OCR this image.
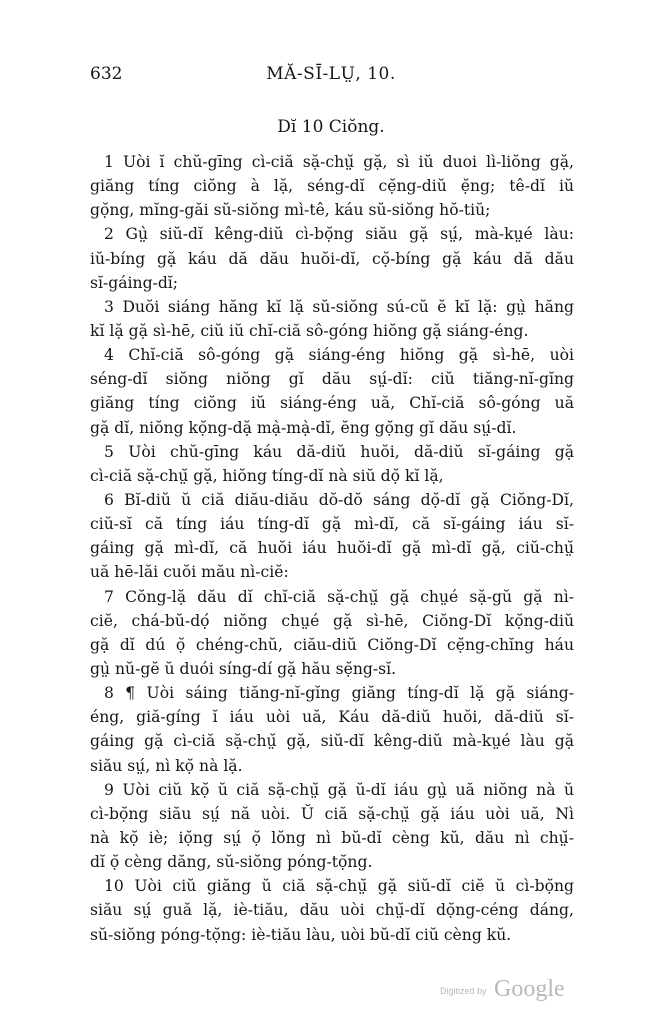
632	MĂ-SĪ-LṲ, 10.
Dĭ 10 Ciŏng.
1 Uòi ĭ chŭ-gīng cì-ciă sặ-chṳ̆ gặ, sì iŭ duoi lì-liŏng gặ,
giăng tíng ciŏng à lặ, séng-dĭ cẹ̆ng-diŭ ẹ̆ng; tê-dĭ iŭ
gọ̆ng, mĭng-găi sŭ-siŏng mì-tê, káu sŭ-siŏng hŏ-tiŭ;
2 Gṳ̀ siŭ-dĭ kêng-diŭ cì-bọ̆ng siău gặ sṳ́, mà-kṳé làu:
iŭ-bíng gặ káu dă dău huŏi-dĭ, cọ̆-bíng gặ káu dă dău
sĭ-gáing-dĭ;
3 Duŏi siáng hăng kĭ lặ sŭ-siŏng sú-cŭ ĕ kĭ lặ: gṳ̀ hăng
kĭ lặ gặ sì-hē, ciŭ iŭ chĭ-ciă sô-góng hiŏng gặ siáng-éng.
4 Chĭ-ciă sô-góng gặ siáng-éng hiŏng gặ sì-hē, uòi
séng-dĭ siŏng niŏng gĭ dău sṳ́-dĭ: ciŭ tiăng-nĭ-gĭng
giăng tíng ciŏng iŭ siáng-éng uă, Chĭ-ciă sô-góng uă
gặ dĭ, niŏng kọ̆ng-dặ mạ̀-mạ̀-dĭ, ĕng gọ̆ng gĭ dău sṳ́-dĭ.
5 Uòi chŭ-gīng káu dă-diŭ huŏi, dă-diŭ sĭ-gáing gặ
cì-ciă sặ-chṳ̆ gặ, hiŏng tíng-dĭ nà siŭ dọ̆ kĭ lặ,
6 Bĭ-diŭ ŭ ciă diău-diău dŏ-dŏ sáng dọ̆-dĭ gặ Ciŏng-Dĭ,
ciŭ-sĭ că tíng iáu tíng-dĭ gặ mì-dĭ, că sĭ-gáing iáu sĭ-
gáing gặ mì-dĭ, că huŏi iáu huŏi-dĭ gặ mì-dĭ gặ, ciŭ-chṳ̆
uă hē-lăi cuŏi mău nì-ciĕ:
7 Cŏng-lặ dău dĭ chĭ-ciă sặ-chṳ̆ gặ chṳé sặ-gŭ gặ nì-
ciĕ, chá-bŭ-dọ́ niŏng chṳé gặ sì-hē, Ciŏng-Dĭ kọ̆ng-diŭ
gặ dĭ dú ọ̆ chéng-chŭ, ciău-diŭ Ciŏng-Dĭ cẹ̆ng-chĭng háu
gṳ̀ nŭ-gĕ ŭ duói síng-dí gặ hău sẹ̆ng-sĭ.
8 ¶ Uòi sáing tiăng-nĭ-gĭng giăng tíng-dĭ lặ gặ siáng-
éng, giă-gíng ĭ iáu uòi uă, Káu dă-diŭ huŏi, dă-diŭ sĭ-
gáing gặ cì-ciă sặ-chṳ̆ gặ, siŭ-dĭ kêng-diŭ mà-kṳé làu gặ
siău sṳ́, nì kọ̆ nà lặ.
9 Uòi ciŭ kọ̆ ŭ ciă sặ-chṳ̆ gặ ŭ-dĭ iáu gṳ̀ uă niŏng nà ŭ
cì-bọ̆ng siău sṳ́ nă uòi. Ŭ ciă sặ-chṳ̆ gặ iáu uòi uă, Nì
nà kọ̆ iè; iọ̆ng sṳ́ ọ̆ lŏng nì bŭ-dĭ cèng kŭ, dău nì chṳ̆-
dĭ ọ̆ cèng dăng, sŭ-siŏng póng-tọ̆ng.
10 Uòi ciŭ giăng ŭ ciă sặ-chṳ̆ gặ siŭ-dĭ ciĕ ŭ cì-bọ̆ng
siău sṳ́ guă lặ, iè-tiău, dău uòi chṳ̆-dĭ dọ̆ng-céng dáng,
sŭ-siŏng póng-tọ̆ng: iè-tiău làu, uòi bŭ-dĭ ciŭ cèng kŭ.
Digitized by Google
